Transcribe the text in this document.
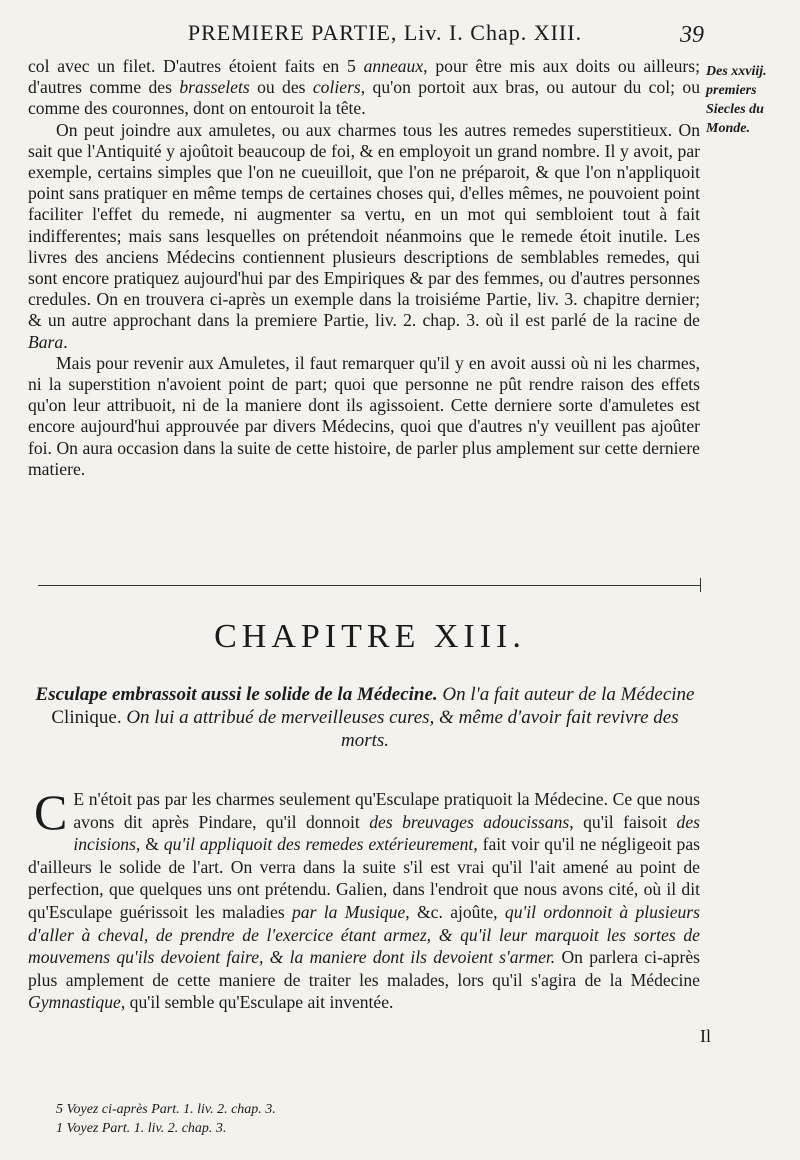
PREMIERE PARTIE, Liv. I. Chap. XIII.	39
Des xxviij. premiers Siecles du Monde.

col avec un filet. D'autres étoient faits en 5 anneaux, pour être mis aux doits ou ailleurs; d'autres comme des brasselets ou des coliers, qu'on portoit aux bras, ou autour du col; ou comme des couronnes, dont on entouroit la tête.

On peut joindre aux amuletes, ou aux charmes tous les autres remedes superstitieux. On sait que l'Antiquité y ajoûtoit beaucoup de foi, & en employoit un grand nombre. Il y avoit, par exemple, certains simples que l'on ne cueuilloit, que l'on ne préparoit, & que l'on n'appliquoit point sans pratiquer en même temps de certaines choses qui, d'elles mêmes, ne pouvoient point faciliter l'effet du remede, ni augmenter sa vertu, en un mot qui sembloient tout à fait indifferentes; mais sans lesquelles on prétendoit néanmoins que le remede étoit inutile. Les livres des anciens Médecins contiennent plusieurs descriptions de semblables remedes, qui sont encore pratiquez aujourd'hui par des Empiriques & par des femmes, ou d'autres personnes credules. On en trouvera ci-après un exemple dans la troisiéme Partie, liv. 3. chapitre dernier; & un autre approchant dans la premiere Partie, liv. 2. chap. 3. où il est parlé de la racine de Bara.

Mais pour revenir aux Amuletes, il faut remarquer qu'il y en avoit aussi où ni les charmes, ni la superstition n'avoient point de part; quoi que personne ne pût rendre raison des effets qu'on leur attribuoit, ni de la maniere dont ils agissoient. Cette derniere sorte d'amuletes est encore aujourd'hui approuvée par divers Médecins, quoi que d'autres n'y veuillent pas ajoûter foi. On aura occasion dans la suite de cette histoire, de parler plus amplement sur cette derniere matiere.

CHAPITRE XIII.

Esculape embrassoit aussi le solide de la Médecine. On l'a fait auteur de la Médecine Clinique. On lui a attribué de merveilleuses cures, & même d'avoir fait revivre des morts.

C E n'étoit pas par les charmes seulement qu'Esculape pratiquoit la Médecine. Ce que nous avons dit après Pindare, qu'il donnoit des breuvages adoucissans, qu'il faisoit des incisions, & qu'il appliquoit des remedes extérieurement, fait voir qu'il ne négligeoit pas d'ailleurs le solide de l'art. On verra dans la suite s'il est vrai qu'il l'ait amené au point de perfection, que quelques uns ont prétendu. Galien, dans l'endroit que nous avons cité, où il dit qu'Esculape guérissoit les maladies par la Musique, &c. ajoûte, qu'il ordonnoit à plusieurs d'aller à cheval, de prendre de l'exercice étant armez, & qu'il leur marquoit les sortes de mouvemens qu'ils devoient faire, & la maniere dont ils devoient s'armer. On parlera ci-après plus amplement de cette maniere de traiter les malades, lors qu'il s'agira de la Médecine Gymnastique, qu'il semble qu'Esculape ait inventée.
Il
5 Voyez ci-après Part. 1. liv. 2. chap. 3.
1 Voyez Part. 1. liv. 2. chap. 3.
